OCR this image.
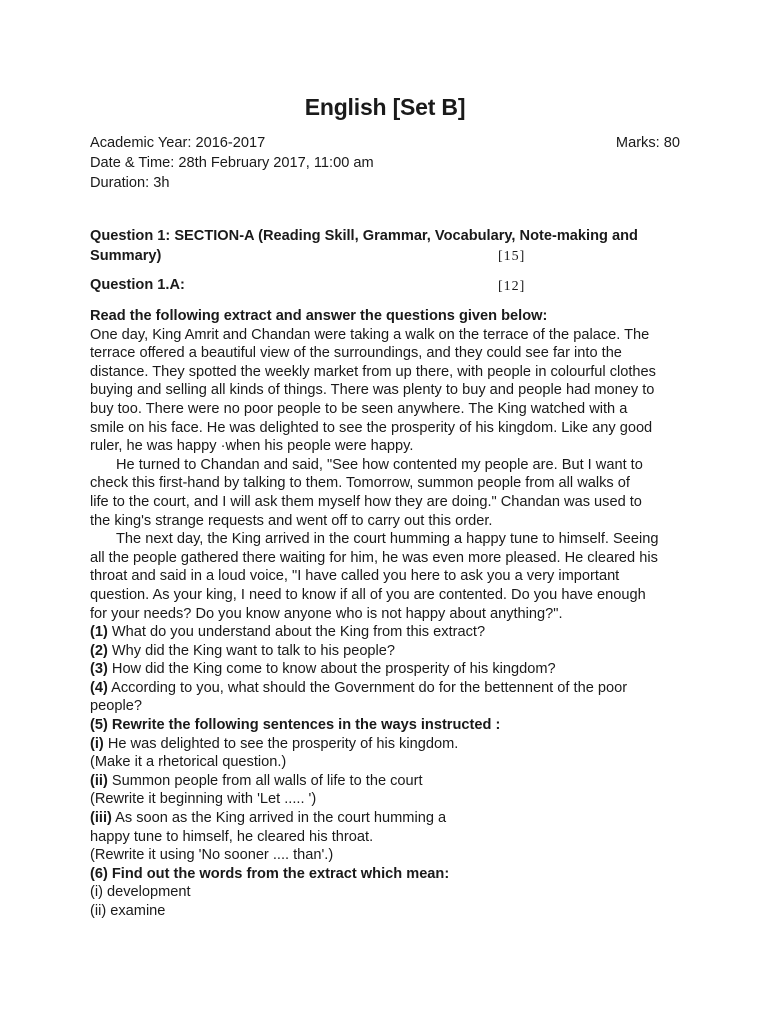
English [Set B]
Academic Year: 2016-2017	Marks: 80
Date & Time: 28th February 2017, 11:00 am
Duration: 3h
Question 1: SECTION-A (Reading Skill, Grammar, Vocabulary, Note-making and
Summary)	[15]
Question 1.A:	[12]

Read the following extract and answer the questions given below:

One day, King Amrit and Chandan were taking a walk on the terrace of the palace. The

terrace offered a beautiful view of the surroundings, and they could see far into the

distance. They spotted the weekly market from up there, with people in colourful clothes

buying and selling all kinds of things. There was plenty to buy and people had money to

buy too. There were no poor people to be seen anywhere. The King watched with a

smile on his face. He was delighted to see the prosperity of his kingdom. Like any good

ruler, he was happy ·when his people were happy.

He turned to Chandan and said, "See how contented my people are. But I want to

check this first-hand by talking to them. Tomorrow, summon people from all walks of

life to the court, and I will ask them myself how they are doing." Chandan was used to

the king's strange requests and went off to carry out this order.

The next day, the King arrived in the court humming a happy tune to himself. Seeing

all the people gathered there waiting for him, he was even more pleased. He cleared his

throat and said in a loud voice, "I have called you here to ask you a very important

question. As your king, I need to know if all of you are contented. Do you have enough

for your needs? Do you know anyone who is not happy about anything?".

(1) What do you understand about the King from this extract?

(2) Why did the King want to talk to his people?

(3) How did the King come to know about the prosperity of his kingdom?

(4) According to you, what should the Government do for the bettennent of the poor

people?

(5) Rewrite the following sentences in the ways instructed :

(i) He was delighted to see the prosperity of his kingdom.

(Make it a rhetorical question.)

(ii) Summon people from all walls of life to the court

(Rewrite it beginning with 'Let ..... ')

(iii) As soon as the King arrived in the court humming a

happy tune to himself, he cleared his throat.

(Rewrite it using 'No sooner .... than'.)

(6) Find out the words from the extract which mean:

(i) development

(ii) examine
